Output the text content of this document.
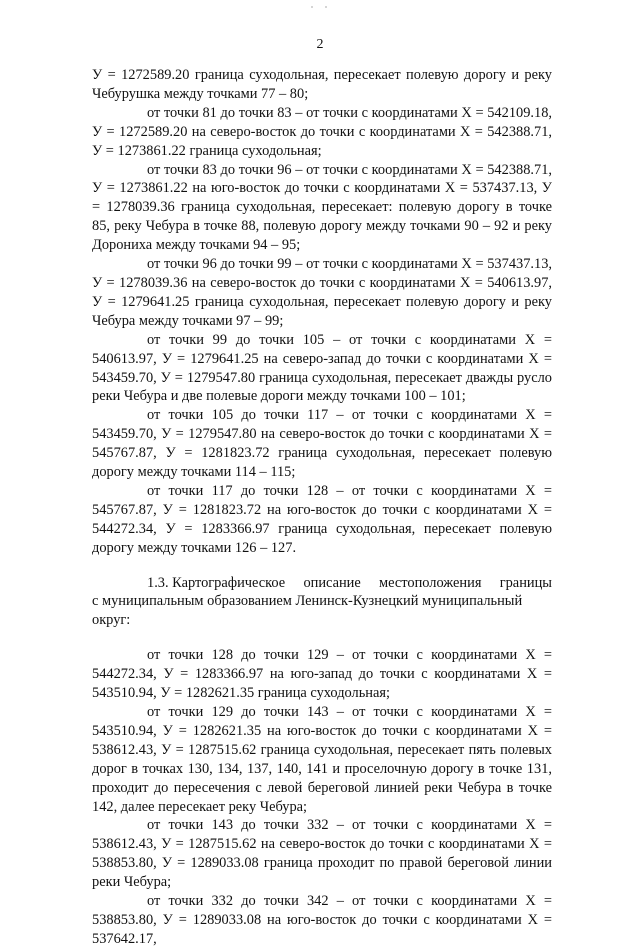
2

У = 1272589.20 граница суходольная, пересекает полевую дорогу и реку Чебурушка между точками 77 – 80;

от точки 81 до точки 83 – от точки с координатами Х = 542109.18, У = 1272589.20 на северо-восток до точки с координатами Х = 542388.71, У = 1273861.22 граница суходольная;

от точки 83 до точки 96 – от точки с координатами Х = 542388.71, У = 1273861.22 на юго-восток до точки с координатами Х = 537437.13, У = 1278039.36 граница суходольная, пересекает: полевую дорогу в точке 85, реку Чебура в точке 88, полевую дорогу между точками 90 – 92 и реку Дорониха между точками 94 – 95;

от точки 96 до точки 99 – от точки с координатами Х = 537437.13, У = 1278039.36 на северо-восток до точки с координатами Х = 540613.97, У = 1279641.25 граница суходольная, пересекает полевую дорогу и реку Чебура между точками 97 – 99;

от точки 99 до точки 105 – от точки с координатами Х = 540613.97, У = 1279641.25 на северо-запад до точки с координатами Х = 543459.70, У = 1279547.80 граница суходольная, пересекает дважды русло реки Чебура и две полевые дороги между точками 100 – 101;

от точки 105 до точки 117 – от точки с координатами Х = 543459.70, У = 1279547.80 на северо-восток до точки с координатами Х = 545767.87, У = 1281823.72 граница суходольная, пересекает полевую дорогу между точками 114 – 115;

от точки 117 до точки 128 – от точки с координатами Х = 545767.87, У = 1281823.72 на юго-восток до точки с координатами Х = 544272.34, У = 1283366.97 граница суходольная, пересекает полевую дорогу между точками 126 – 127.

1.3. Картографическое описание местоположения границы
с муниципальным образованием Ленинск-Кузнецкий муниципальный округ:

от точки 128 до точки 129 – от точки с координатами Х = 544272.34, У = 1283366.97 на юго-запад до точки с координатами Х = 543510.94, У = 1282621.35 граница суходольная;

от точки 129 до точки 143 – от точки с координатами Х = 543510.94, У = 1282621.35 на юго-восток до точки с координатами Х = 538612.43, У = 1287515.62 граница суходольная, пересекает пять полевых дорог в точках 130, 134, 137, 140, 141 и проселочную дорогу в точке 131, проходит до пересечения с левой береговой линией реки Чебура в точке 142, далее пересекает реку Чебура;

от точки 143 до точки 332 – от точки с координатами Х = 538612.43, У = 1287515.62 на северо-восток до точки с координатами Х = 538853.80, У = 1289033.08 граница проходит по правой береговой линии реки Чебура;

от точки 332 до точки 342 – от точки с координатами Х = 538853.80, У = 1289033.08 на юго-восток до точки с координатами Х = 537642.17,
